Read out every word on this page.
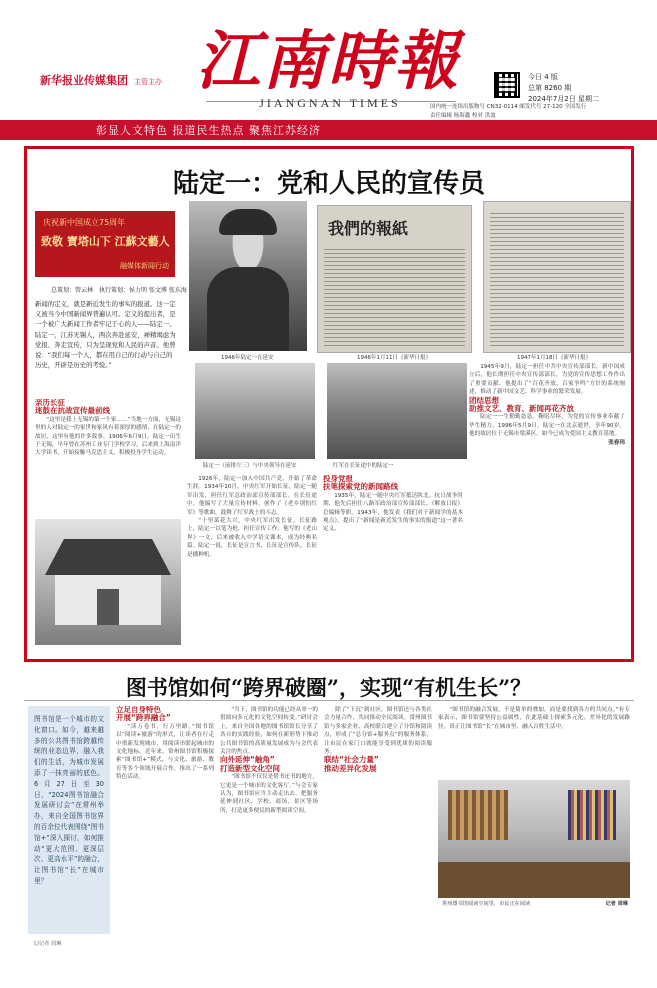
新华报业传媒集团 主管主办 江南時報
JIANGNAN TIMES
今日 4 版
总第 8260 期
2024年7月2日 星期二
国内统一连续出版物号 CN32-0114 邮发代号 27-120 全国发行
责任编辑 杨海鑫 校对 洪波
彰显人文特色 报道民生热点 聚焦江苏经济
陆定一：党和人民的宣传员
庆祝新中国成立75周年
致敬 寶塔山下 江蘇文藝人
融媒体新闻行动
1946年陆定一在延安
我們的報紙
1946年1月11日《新华日报》	1947年1月18日《新华日报》
总策划：管云林　执行策划：侯力明 张文博 张东海
新闻的定义，就是新近发生的事实的报道。这一定义被当今中国新闻界普遍认可。定义的提出者，是一个被广大新闻工作者牢记于心的人——陆定一。陆定一，江苏无锡人，两次奔赴延安，禅精竭虑为党报、奔走宣传，只为呈现党和人民的声音。他曾说：“我们每一个人，都在用自己的行动与自己的历史，开辟是历史的考验。”
陆定一（前排左三）与中央领导在延安	红军在长征途中的陆定一
亲历长征
迷鼓在抗战宣传最前线

“这里是我上无锡的第一个家……”当地一方面，无锡这里的人对陆定一的家世和家风有着深厚的感情，在陆定一的故居，这里有他的许多故事。1906年6月9日，陆定一出生于无锡，早年曾在苏州工业专门学校学习，后来到上海南洋大学读书，开始接触马克思主义，积极投身学生运动。

1926年，陆定一加入中国共产党，开始了革命生涯。1934年10月，中央红军开始长征，陆定一随军出发，担任红军总政治部宣传部部长。在长征途中，他编写了大量宣传材料，创作了《老乡别怕红军》等歌曲，鼓舞了红军战士的斗志。

“十里菜花大兴，中央红军出发长征，长征路上，陆定一以笔为枪，担任宣传工作，他写的《老山界》一文，后来被收入中学语文课本，成为经典名篇。陆定一说，长征是宣言书，长征是宣传队，长征是播种机。

投身党报
扶笔探索党的新闻路线

1935年，陆定一随中央红军抵达陕北。抗日战争时期，他先后担任八路军政治部宣传部部长、《解放日报》总编辑等职。1943年，他发表《我们对于新闻学的基本观点》，提出了“新闻是新近发生的事实的报道”这一著名定义。

1945年9月，陆定一担任中共中央宣传部部长。新中国成立后，他长期担任中央宣传部部长，为党的宣传思想工作作出了重要贡献。他提出了“百花齐放、百家争鸣”方针的系统阐述，推动了新中国文艺、科学事业的繁荣发展。

团结思想
助推文艺、教育、新闻再花齐放

陆定一一生勤勤恳恳、鞠躬尽瘁，为党的宣传事业奉献了毕生精力。1996年5月9日，陆定一在北京逝世，享年90岁。他的故居位于无锡市梁溪区，如今已成为爱国主义教育基地。

张春玮

图书馆如何“跨界破圈”，实现“有机生长”？
图书馆是一个城市的文化窗口。如今，越来越多的公共图书馆跨越传统的业态边界，融入我们的生活，为城市发展添了一抹亮丽的底色。6月27日至30日，“2024图书馆融合发展研讨会”在常州举办，来自全国图书馆界的百余位代表围绕“图书馆+”深入探讨，如何推动“更大范围、更深层次、更高水平”的融合，让图书馆“长”在城市里？
立足自身特色
开展“跨界融合”

“读万卷书，行万里路。”图书馆以“阅读+旅游”的形式，让读者在行走中重新发现城市，用阅读串联起城市的文化地标。近年来，常州图书馆积极探索“图书馆+”模式，与文化、旅游、教育等多个领域开展合作，推出了一系列特色活动。

“当下，图书馆的功能已经从单一的借阅向多元化的文化空间转变。”研讨会上，来自全国各地的图书馆馆长分享了各自的实践经验，如何在新形势下推动公共图书馆的高质量发展成为与会代表关注的焦点。

向外延伸“触角”
打造新型文化空间

“图书馆不仅仅是借书还书的地方，它更是一个城市的文化客厅。”与会专家认为，图书馆应当主动走出去，把服务延伸到社区、学校、商场、景区等场所，打造更多便民的新型阅读空间。

除了“下沉”到社区，图书馆还与各类社会力量合作，共同推动全民阅读。常州图书馆与多家企业、高校联合建立了分馆和阅读点，形成了“总分馆+服务点”的服务体系，让市民在家门口就能享受到优质的阅读服务。

联结“社会力量”
推动差异化发展

“图书馆的融合发展，不是简单的叠加，而是要找到各方的共同点。”有专家表示，图书馆要坚持公益属性，在此基础上探索多元化、差异化的发展路径，真正让图书馆“长”在城市里、融入百姓生活中。

常州图书馆阅读空间里，市民正在阅读	记者 周琳
文/记者 周琳
